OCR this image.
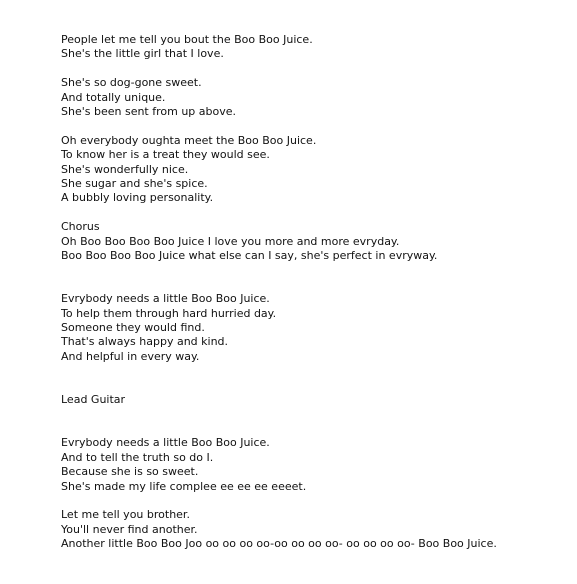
People let me tell you bout the Boo Boo Juice.
She's the little girl that I love.
She's so dog-gone sweet.
And totally unique.
She's been sent from up above.
Oh everybody oughta meet the Boo Boo Juice.
To know her is a treat they would see.
She's wonderfully nice.
She sugar and she's spice.
A bubbly loving personality.
Chorus
Oh Boo Boo Boo Boo Juice I love you more and more evryday.
Boo Boo Boo Boo Juice what else can I say, she's perfect in evryway.
Evrybody needs a little Boo Boo Juice.
To help them through hard hurried day.
Someone they would find.
That's always happy and kind.
And helpful in every way.
Lead Guitar
Evrybody needs a little Boo Boo Juice.
And to tell the truth so do I.
Because she is so sweet.
She's made my life complee ee ee ee eeeet.
Let me tell you brother.
You'll never find another.
Another little Boo Boo Joo oo oo oo oo-oo oo oo oo- oo oo oo oo- Boo Boo Juice.
